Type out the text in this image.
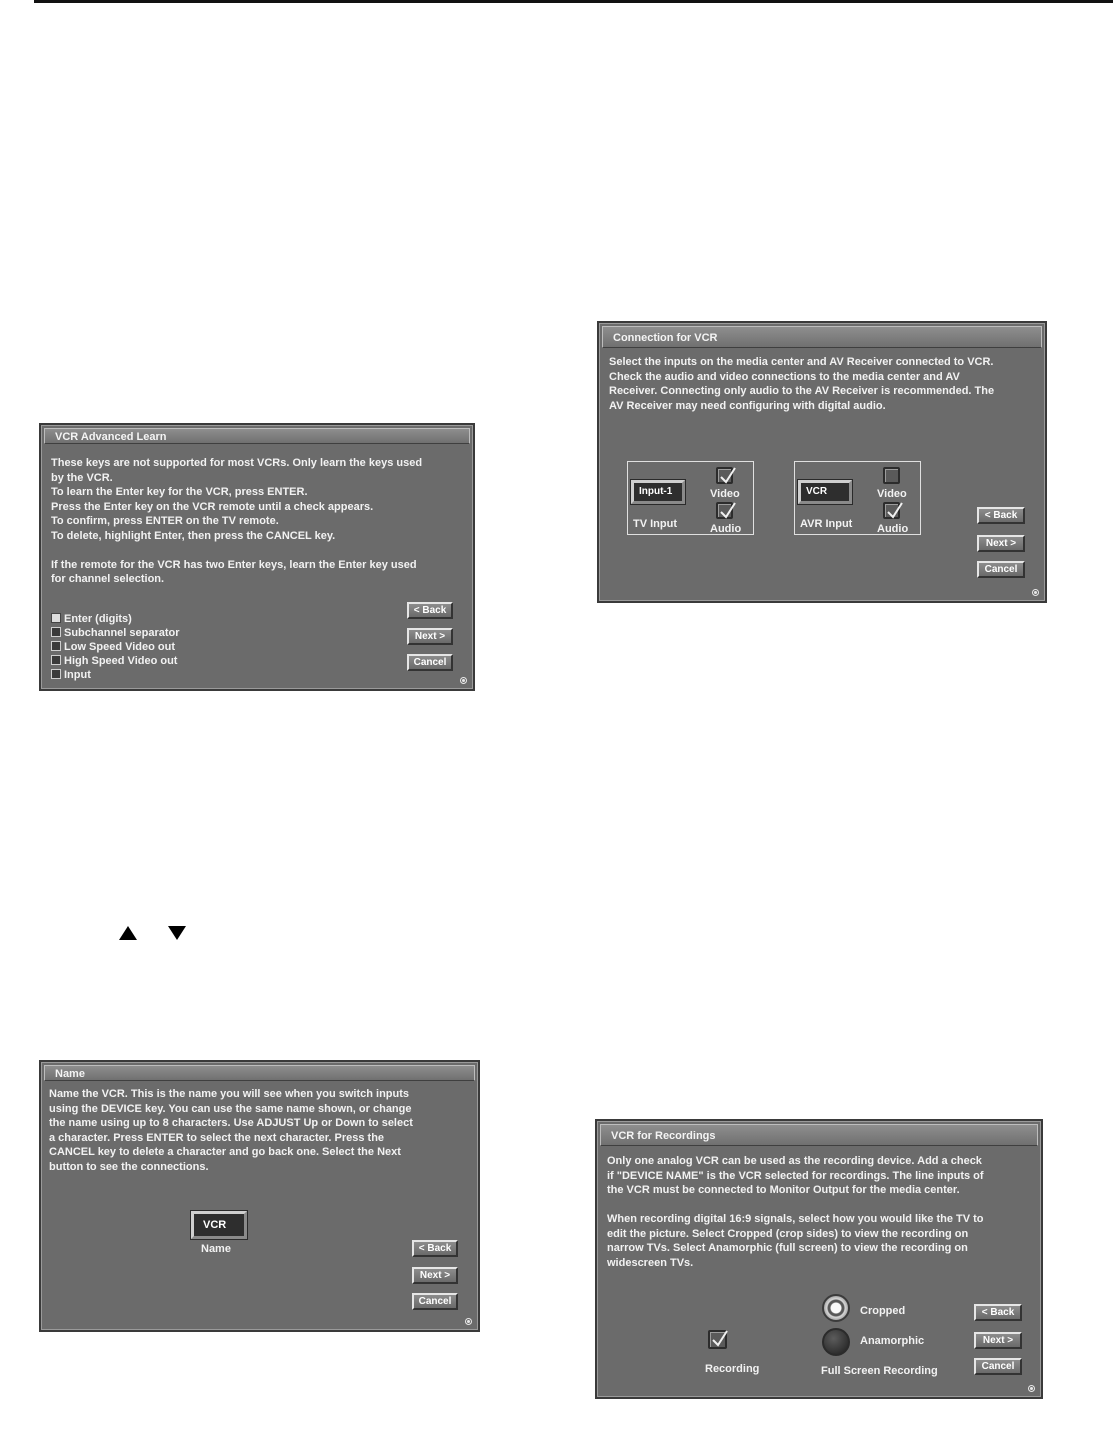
VCR Advanced Learn
These keys are not supported for most VCRs. Only learn the keys used
by the VCR.
To learn the Enter key for the VCR, press ENTER.
Press the Enter key on the VCR remote until a check appears.
To confirm, press ENTER on the TV remote.
To delete, highlight Enter, then press the CANCEL key.

If the remote for the VCR has two Enter keys, learn the Enter key used
for channel selection.
Enter (digits)
Subchannel separator
Low Speed Video out
High Speed Video out
Input
< Back
Next >
Cancel
Name
Name the VCR. This is the name you will see when you switch inputs
using the DEVICE key. You can use the same name shown, or change
the name using up to 8 characters. Use ADJUST Up or Down to select
a character. Press ENTER to select the next character. Press the
CANCEL key to delete a character and go back one. Select the Next
button to see the connections.
VCR
Name	< Back
Next >
Cancel
Connection for VCR
Select the inputs on the media center and AV Receiver connected to VCR.
Check the audio and video connections to the media center and AV
Receiver. Connecting only audio to the AV Receiver is recommended. The
AV Receiver may need configuring with digital audio.
Input-1
TV Input
Video
Audio
VCR
AVR Input
Video
Audio
< Back
Next >
Cancel
VCR for Recordings
Only one analog VCR can be used as the recording device. Add a check
if "DEVICE NAME" is the VCR selected for recordings. The line inputs of
the VCR must be connected to Monitor Output for the media center.

When recording digital 16:9 signals, select how you would like the TV to
edit the picture. Select Cropped (crop sides) to view the recording on
narrow TVs. Select Anamorphic (full screen) to view the recording on
widescreen TVs.
Recording
Cropped
Anamorphic
Full Screen Recording
< Back
Next >
Cancel
